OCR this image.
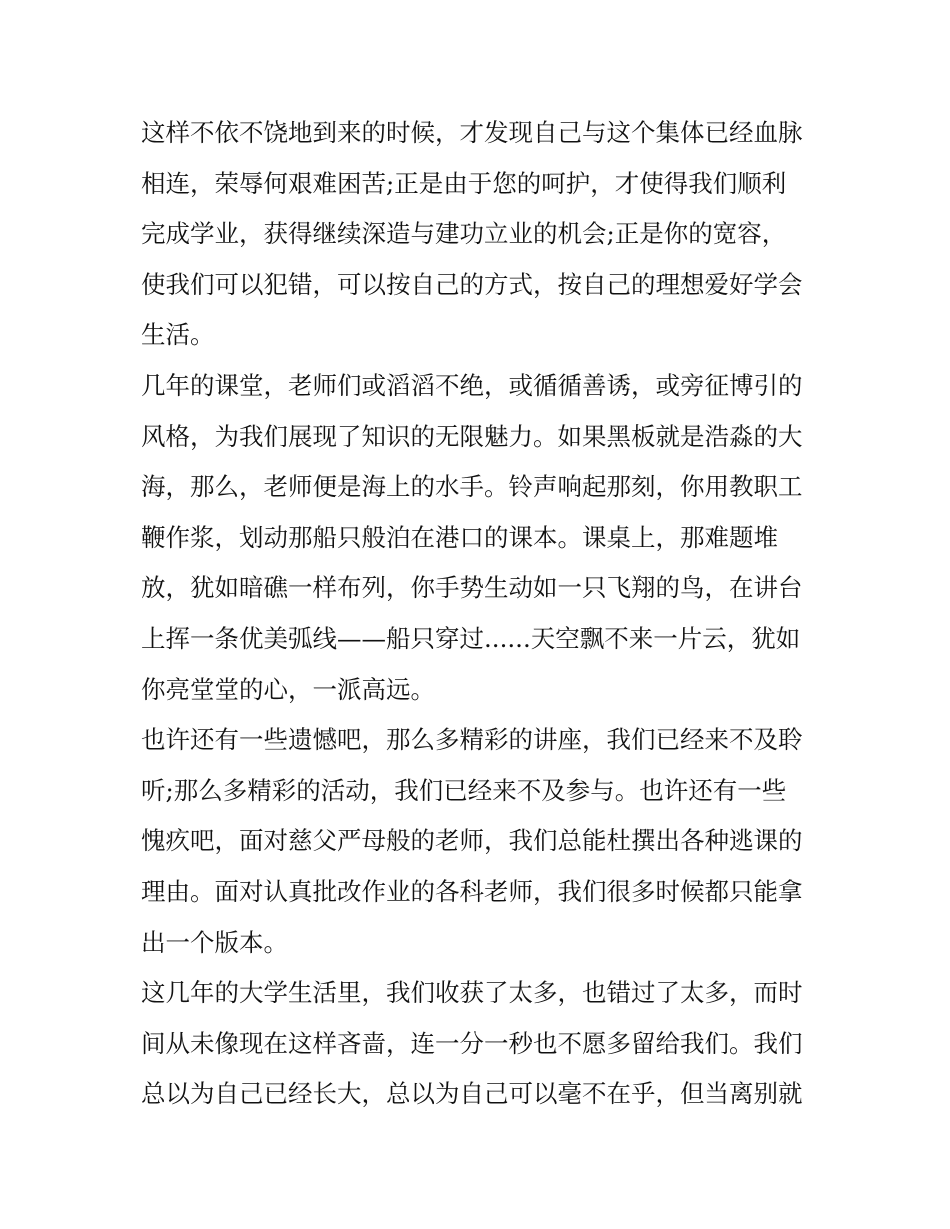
这样不依不饶地到来的时候，才发现自己与这个集体已经血脉
相连，荣辱何艰难困苦;正是由于您的呵护，才使得我们顺利
完成学业，获得继续深造与建功立业的机会;正是你的宽容，
使我们可以犯错，可以按自己的方式，按自己的理想爱好学会
生活。
几年的课堂，老师们或滔滔不绝，或循循善诱，或旁征博引的
风格，为我们展现了知识的无限魅力。如果黑板就是浩淼的大
海，那么，老师便是海上的水手。铃声响起那刻，你用教职工
鞭作浆，划动那船只般泊在港口的课本。课桌上，那难题堆
放，犹如暗礁一样布列，你手势生动如一只飞翔的鸟，在讲台
上挥一条优美弧线——船只穿过......天空飘不来一片云，犹如
你亮堂堂的心，一派高远。
也许还有一些遗憾吧，那么多精彩的讲座，我们已经来不及聆
听;那么多精彩的活动，我们已经来不及参与。也许还有一些
愧疚吧，面对慈父严母般的老师，我们总能杜撰出各种逃课的
理由。面对认真批改作业的各科老师，我们很多时候都只能拿
出一个版本。
这几年的大学生活里，我们收获了太多，也错过了太多，而时
间从未像现在这样吝啬，连一分一秒也不愿多留给我们。我们
总以为自己已经长大，总以为自己可以毫不在乎，但当离别就
